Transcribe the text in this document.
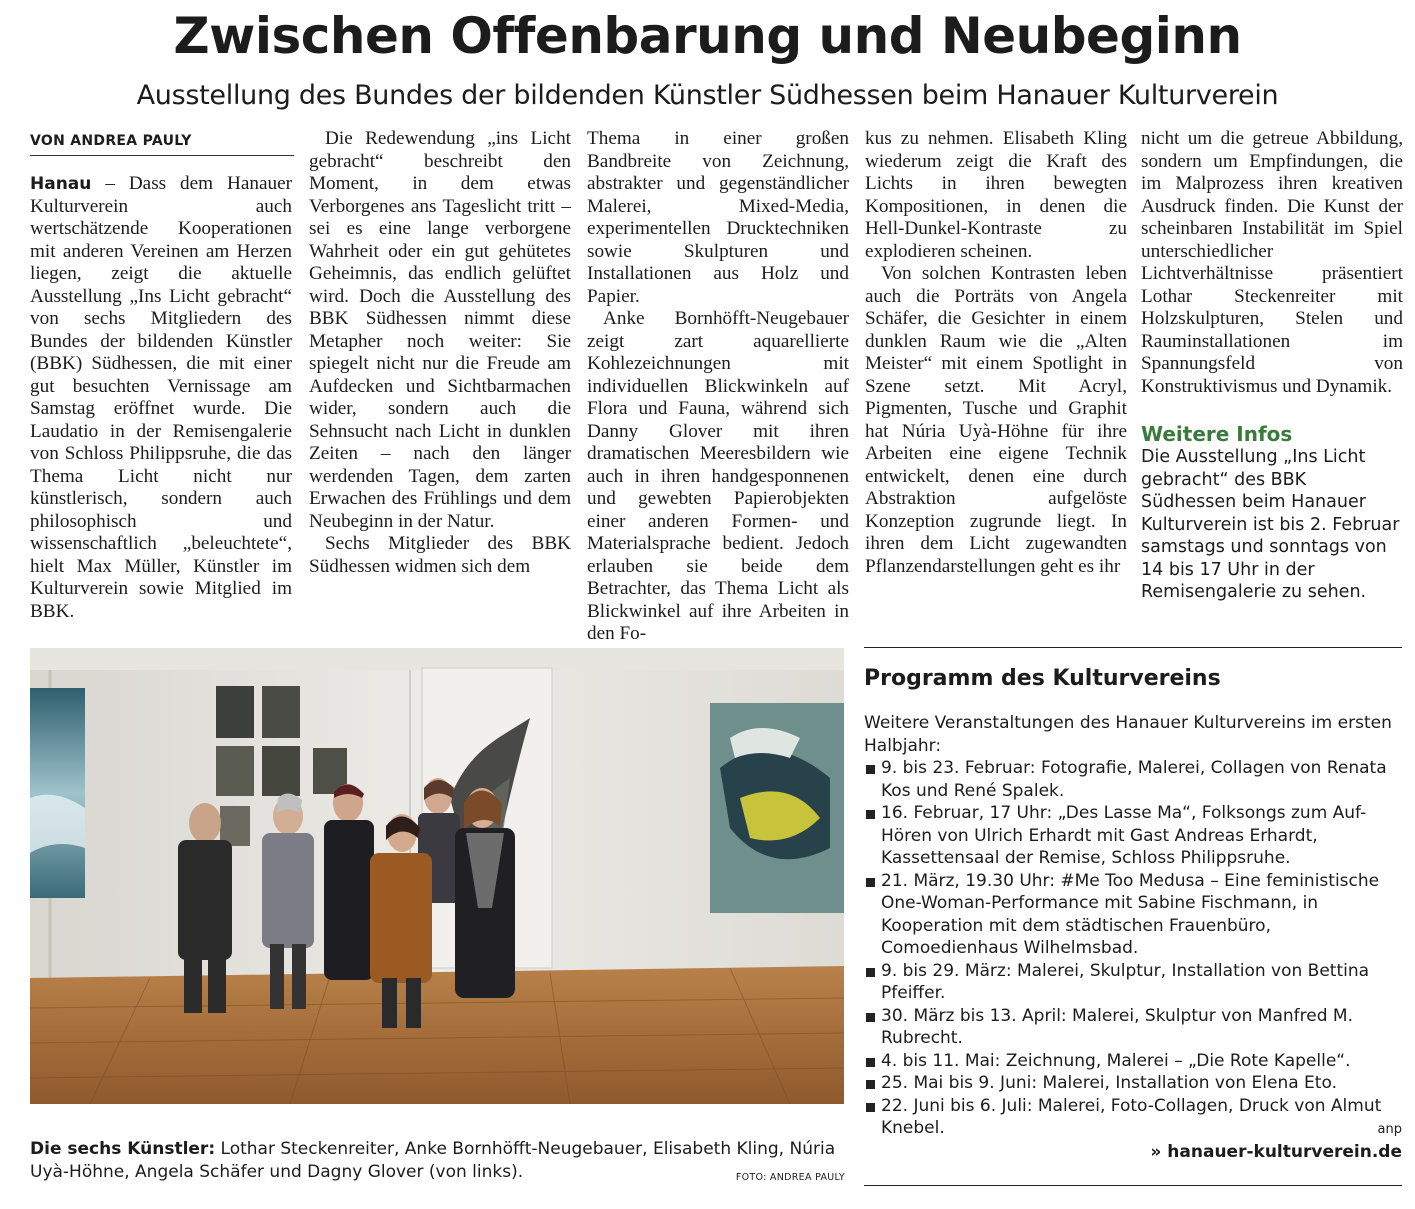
Zwischen Offenbarung und Neubeginn
Ausstellung des Bundes der bildenden Künstler Südhessen beim Hanauer Kulturverein
VON ANDREA PAULY

Hanau – Dass dem Hanauer Kulturverein auch wertschätzende Kooperationen mit anderen Vereinen am Herzen liegen, zeigt die aktuelle Ausstellung „Ins Licht gebracht“ von sechs Mitgliedern des Bundes der bildenden Künstler (BBK) Südhessen, die mit einer gut besuchten Vernissage am Samstag eröffnet wurde. Die Laudatio in der Remisengalerie von Schloss Philippsruhe, die das Thema Licht nicht nur künstlerisch, sondern auch philosophisch und wissenschaftlich „beleuchtete“, hielt Max Müller, Künstler im Kulturverein sowie Mitglied im BBK.

Die Redewendung „ins Licht gebracht“ beschreibt den Moment, in dem etwas Verborgenes ans Tageslicht tritt – sei es eine lange verborgene Wahrheit oder ein gut gehütetes Geheimnis, das endlich gelüftet wird. Doch die Ausstellung des BBK Südhessen nimmt diese Metapher noch weiter: Sie spiegelt nicht nur die Freude am Aufdecken und Sichtbarmachen wider, sondern auch die Sehnsucht nach Licht in dunklen Zeiten – nach den länger werdenden Tagen, dem zarten Erwachen des Frühlings und dem Neubeginn in der Natur.

Sechs Mitglieder des BBK Südhessen widmen sich dem

Thema in einer großen Bandbreite von Zeichnung, abstrakter und gegenständlicher Malerei, Mixed-Media, experimentellen Drucktechniken sowie Skulpturen und Installationen aus Holz und Papier.

Anke Bornhöfft-Neugebauer zeigt zart aquarellierte Kohlezeichnungen mit individuellen Blickwinkeln auf Flora und Fauna, während sich Danny Glover mit ihren dramatischen Meeresbildern wie auch in ihren handgesponnenen und gewebten Papierobjekten einer anderen Formen- und Materialsprache bedient. Jedoch erlauben sie beide dem Betrachter, das Thema Licht als Blickwinkel auf ihre Arbeiten in den Fo-

kus zu nehmen. Elisabeth Kling wiederum zeigt die Kraft des Lichts in ihren bewegten Kompositionen, in denen die Hell-Dunkel-Kontraste zu explodieren scheinen.

Von solchen Kontrasten leben auch die Porträts von Angela Schäfer, die Gesichter in einem dunklen Raum wie die „Alten Meister“ mit einem Spotlight in Szene setzt. Mit Acryl, Pigmenten, Tusche und Graphit hat Núria Uyà-Höhne für ihre Arbeiten eine eigene Technik entwickelt, denen eine durch Abstraktion aufgelöste Konzeption zugrunde liegt. In ihren dem Licht zugewandten Pflanzendarstellungen geht es ihr

nicht um die getreue Abbildung, sondern um Empfindungen, die im Malprozess ihren kreativen Ausdruck finden. Die Kunst der scheinbaren Instabilität im Spiel unterschiedlicher Lichtverhältnisse präsentiert Lothar Steckenreiter mit Holzskulpturen, Stelen und Rauminstallationen im Spannungsfeld von Konstruktivismus und Dynamik.

Weitere Infos
Die Ausstellung „Ins Licht gebracht“ des BBK Südhessen beim Hanauer Kulturverein ist bis 2. Februar samstags und sonntags von 14 bis 17 Uhr in der Remisengalerie zu sehen.
Die sechs Künstler: Lothar Steckenreiter, Anke Bornhöfft-Neugebauer, Elisabeth Kling, Núria Uyà-Höhne, Angela Schäfer und Dagny Glover (von links).	FOTO: ANDREA PAULY
Programm des Kulturvereins
Weitere Veranstaltungen des Hanauer Kulturvereins im ersten Halbjahr:
9. bis 23. Februar: Fotografie, Malerei, Collagen von Renata Kos und René Spalek.
16. Februar, 17 Uhr: „Des Lasse Ma“, Folksongs zum Auf-Hören von Ulrich Erhardt mit Gast Andreas Erhardt, Kassettensaal der Remise, Schloss Philippsruhe.
21. März, 19.30 Uhr: #Me Too Medusa – Eine feministische One-Woman-Performance mit Sabine Fischmann, in Kooperation mit dem städtischen Frauenbüro, Comoedienhaus Wilhelmsbad.
9. bis 29. März: Malerei, Skulptur, Installation von Bettina Pfeiffer.
30. März bis 13. April: Malerei, Skulptur von Manfred M. Rubrecht.
4. bis 11. Mai: Zeichnung, Malerei – „Die Rote Kapelle“.
25. Mai bis 9. Juni: Malerei, Installation von Elena Eto.
22. Juni bis 6. Juli: Malerei, Foto-Collagen, Druck von Almut Knebel.	anp
» hanauer-kulturverein.de
